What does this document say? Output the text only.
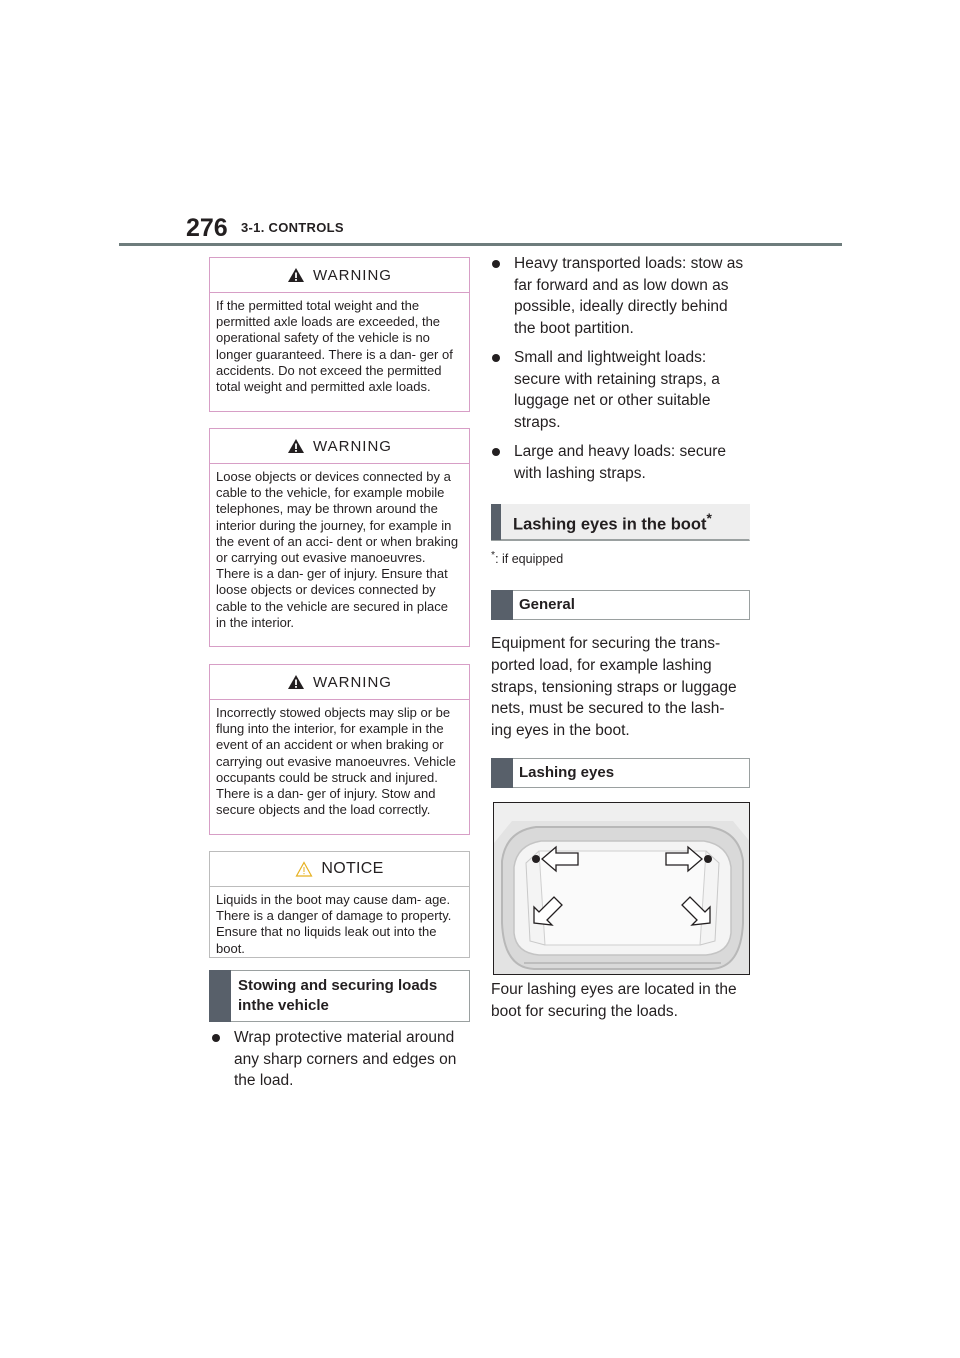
276 3-1. CONTROLS
WARNING
If the permitted total weight and the permitted axle loads are exceeded, the operational safety of the vehicle is no longer guaranteed. There is a dan- ger of accidents. Do not exceed the permitted total weight and permitted axle loads.
WARNING
Loose objects or devices connected by a cable to the vehicle, for example mobile telephones, may be thrown around the interior during the journey, for example in the event of an acci- dent or when braking or carrying out evasive manoeuvres. There is a dan- ger of injury. Ensure that loose objects or devices connected by cable to the vehicle are secured in place in the interior.
WARNING
Incorrectly stowed objects may slip or be flung into the interior, for example in the event of an accident or when braking or carrying out evasive manoeuvres. Vehicle occupants could be struck and injured. There is a dan- ger of injury. Stow and secure objects and the load correctly.
NOTICE
Liquids in the boot may cause dam- age. There is a danger of damage to property. Ensure that no liquids leak out into the boot.
Stowing and securing loads inthe vehicle
Wrap protective material around any sharp corners and edges on the load.
Heavy transported loads: stow as far forward and as low down as possible, ideally directly behind the boot partition.
Small and lightweight loads: secure with retaining straps, a luggage net or other suitable straps.
Large and heavy loads: secure with lashing straps.
Lashing eyes in the boot*
*: if equipped
General
Equipment for securing the trans- ported load, for example lashing straps, tensioning straps or luggage nets, must be secured to the lash- ing eyes in the boot.
Lashing eyes
Four lashing eyes are located in the boot for securing the loads.
